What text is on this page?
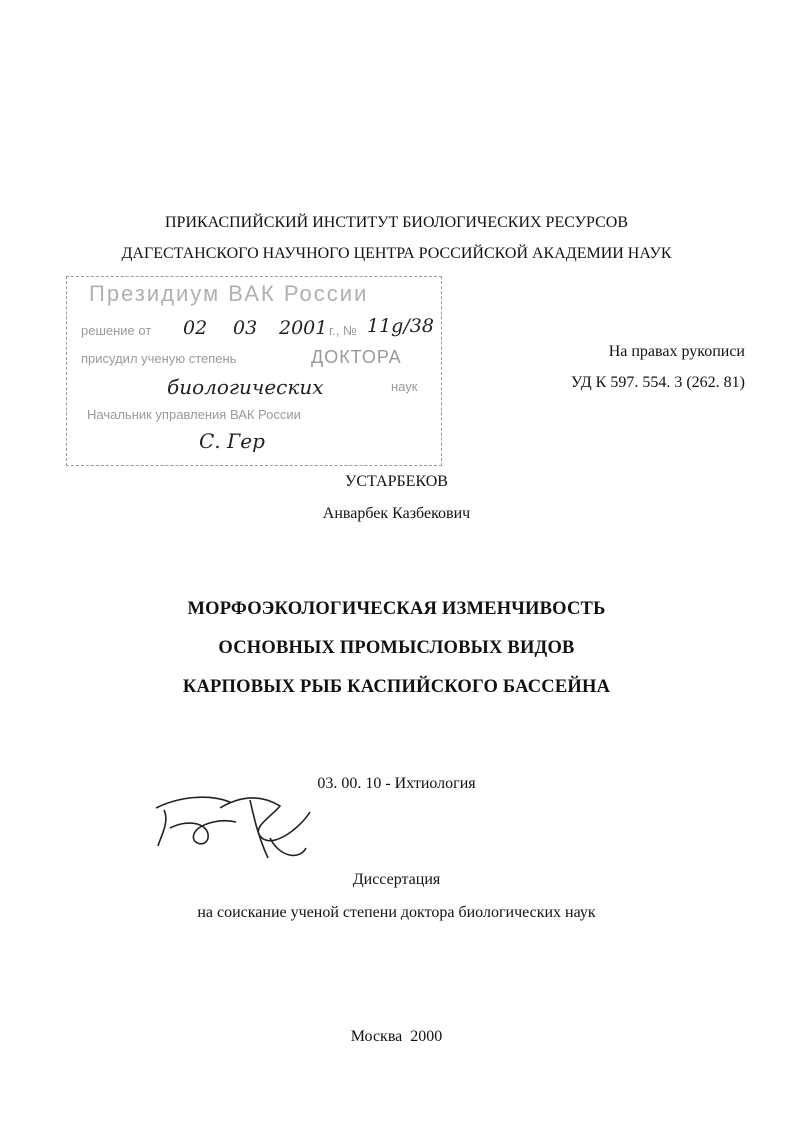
ПРИКАСПИЙСКИЙ ИНСТИТУТ БИОЛОГИЧЕСКИХ РЕСУРСОВ
ДАГЕСТАНСКОГО НАУЧНОГО ЦЕНТРА РОССИЙСКОЙ АКАДЕМИИ НАУК
Президиум ВАК России
решение от	г., №
присудил ученую степень	ДОКТОРА
наук
Начальник управления ВАК России
02 03 2001 11g/38
биологических
С. Гер
На правах рукописи
УД К 597. 554. 3 (262. 81)
УСТАРБЕКОВ
Анварбек Казбекович
МОРФОЭКОЛОГИЧЕСКАЯ ИЗМЕНЧИВОСТЬ
ОСНОВНЫХ ПРОМЫСЛОВЫХ ВИДОВ
КАРПОВЫХ РЫБ КАСПИЙСКОГО БАССЕЙНА
03. 00. 10 - Ихтиология
Диссертация
на соискание ученой степени доктора биологических наук
Москва  2000
